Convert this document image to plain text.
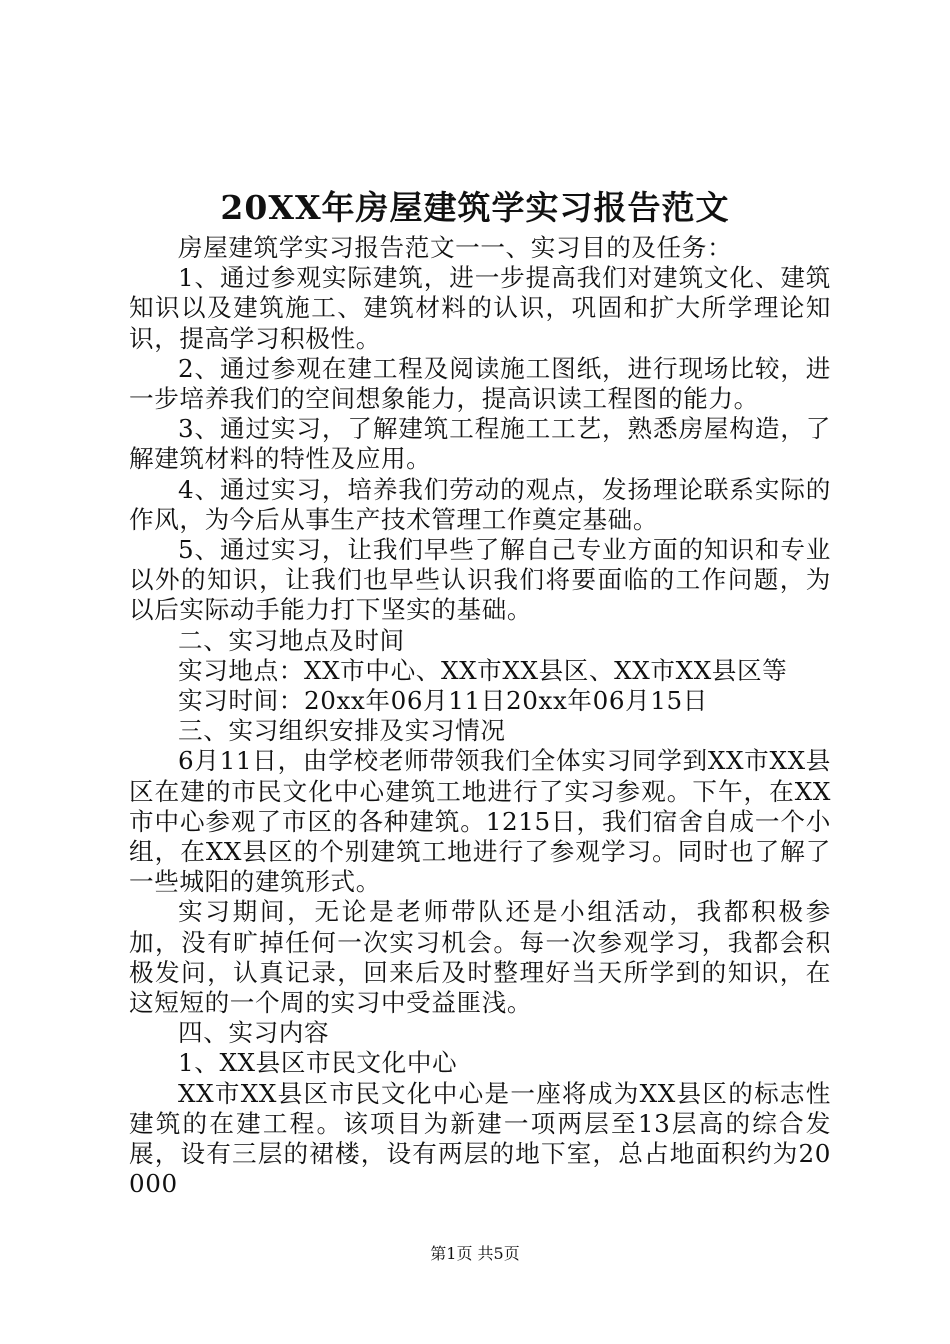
20XX年房屋建筑学实习报告范文

房屋建筑学实习报告范文一一、实习目的及任务：

1、通过参观实际建筑，进一步提高我们对建筑文化、建筑知识以及建筑施工、建筑材料的认识，巩固和扩大所学理论知识，提高学习积极性。

2、通过参观在建工程及阅读施工图纸，进行现场比较，进一步培养我们的空间想象能力，提高识读工程图的能力。

3、通过实习，了解建筑工程施工工艺，熟悉房屋构造，了解建筑材料的特性及应用。

4、通过实习，培养我们劳动的观点，发扬理论联系实际的作风，为今后从事生产技术管理工作奠定基础。

5、通过实习，让我们早些了解自己专业方面的知识和专业以外的知识，让我们也早些认识我们将要面临的工作问题，为以后实际动手能力打下坚实的基础。

二、实习地点及时间

实习地点：XX市中心、XX市XX县区、XX市XX县区等

实习时间：20xx年06月11日20xx年06月15日

三、实习组织安排及实习情况

6月11日，由学校老师带领我们全体实习同学到XX市XX县区在建的市民文化中心建筑工地进行了实习参观。下午，在XX市中心参观了市区的各种建筑。1215日，我们宿舍自成一个小组，在XX县区的个别建筑工地进行了参观学习。同时也了解了一些城阳的建筑形式。

实习期间，无论是老师带队还是小组活动，我都积极参加，没有旷掉任何一次实习机会。每一次参观学习，我都会积极发问，认真记录，回来后及时整理好当天所学到的知识，在这短短的一个周的实习中受益匪浅。

四、实习内容

1、XX县区市民文化中心

XX市XX县区市民文化中心是一座将成为XX县区的标志性建筑的在建工程。该项目为新建一项两层至13层高的综合发展，设有三层的裙楼，设有两层的地下室，总占地面积约为20000

第1页 共5页
